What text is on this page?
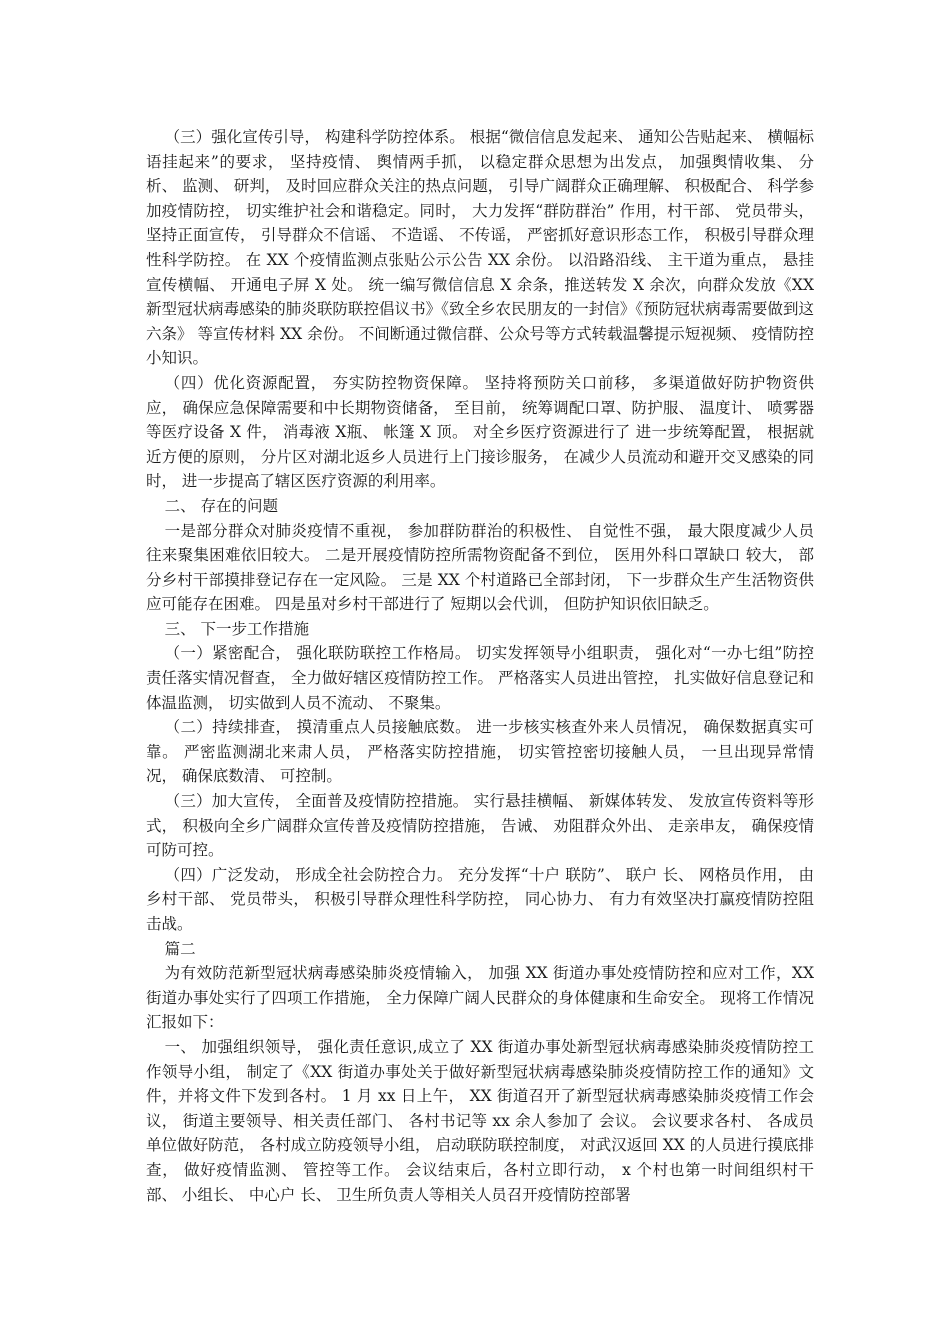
（三）强化宣传引导， 构建科学防控体系。 根据“微信信息发起来、 通知公告贴起来、 横幅标语挂起来”的要求， 坚持疫情、 舆情两手抓， 以稳定群众思想为出发点， 加强舆情收集、 分析、 监测、 研判， 及时回应群众关注的热点问题， 引导广阔群众正确理解、 积极配合、 科学参加疫情防控， 切实维护社会和谐稳定。同时， 大力发挥“群防群治” 作用，村干部、 党员带头， 坚持正面宣传， 引导群众不信谣、 不造谣、 不传谣， 严密抓好意识形态工作， 积极引导群众理性科学防控。 在 XX 个疫情监测点张贴公示公告 XX 余份。 以沿路沿线、 主干道为重点， 悬挂宣传横幅、 开通电子屏 X 处。 统一编写微信信息 X 余条，推送转发 X 余次，向群众发放《XX 新型冠状病毒感染的肺炎联防联控倡议书》《致全乡农民朋友的一封信》《预防冠状病毒需要做到这六条》 等宣传材料 XX 余份。 不间断通过微信群、公众号等方式转载温馨提示短视频、 疫情防控小知识。

（四）优化资源配置， 夯实防控物资保障。 坚持将预防关口前移， 多渠道做好防护物资供应， 确保应急保障需要和中长期物资储备， 至目前， 统筹调配口罩、防护服、 温度计、 喷雾器等医疗设备 X 件， 消毒液 X瓶、 帐篷 X 顶。 对全乡医疗资源进行了 进一步统筹配置， 根据就近方便的原则， 分片区对湖北返乡人员进行上门接诊服务， 在减少人员流动和避开交叉感染的同时， 进一步提高了辖区医疗资源的利用率。

二、 存在的问题

一是部分群众对肺炎疫情不重视， 参加群防群治的积极性、 自觉性不强， 最大限度减少人员往来聚集困难依旧较大。 二是开展疫情防控所需物资配备不到位， 医用外科口罩缺口 较大， 部分乡村干部摸排登记存在一定风险。 三是 XX 个村道路已全部封闭， 下一步群众生产生活物资供应可能存在困难。 四是虽对乡村干部进行了 短期以会代训， 但防护知识依旧缺乏。

三、 下一步工作措施

（一）紧密配合， 强化联防联控工作格局。 切实发挥领导小组职责， 强化对“一办七组”防控责任落实情况督查， 全力做好辖区疫情防控工作。 严格落实人员进出管控， 扎实做好信息登记和体温监测， 切实做到人员不流动、 不聚集。

（二）持续排查， 摸清重点人员接触底数。 进一步核实核查外来人员情况， 确保数据真实可靠。 严密监测湖北来肃人员， 严格落实防控措施， 切实管控密切接触人员， 一旦出现异常情况， 确保底数清、 可控制。

（三）加大宣传， 全面普及疫情防控措施。 实行悬挂横幅、 新媒体转发、 发放宣传资料等形式， 积极向全乡广阔群众宣传普及疫情防控措施， 告诫、 劝阻群众外出、 走亲串友， 确保疫情可防可控。

（四）广泛发动， 形成全社会防控合力。 充分发挥“十户 联防”、 联户 长、 网格员作用， 由乡村干部、 党员带头， 积极引导群众理性科学防控， 同心协力、 有力有效坚决打赢疫情防控阻击战。

篇二

为有效防范新型冠状病毒感染肺炎疫情输入， 加强 XX 街道办事处疫情防控和应对工作，XX 街道办事处实行了四项工作措施， 全力保障广阔人民群众的身体健康和生命安全。 现将工作情况汇报如下：

一、 加强组织领导， 强化责任意识,成立了 XX 街道办事处新型冠状病毒感染肺炎疫情防控工作领导小组， 制定了《XX 街道办事处关于做好新型冠状病毒感染肺炎疫情防控工作的通知》文件，并将文件下发到各村。 1 月 xx 日上午， XX 街道召开了新型冠状病毒感染肺炎疫情工作会议， 街道主要领导、相关责任部门、 各村书记等 xx 余人参加了 会议。 会议要求各村、 各成员单位做好防范， 各村成立防疫领导小组， 启动联防联控制度， 对武汉返回 XX 的人员进行摸底排查， 做好疫情监测、 管控等工作。 会议结束后，各村立即行动， x 个村也第一时间组织村干部、 小组长、 中心户 长、 卫生所负责人等相关人员召开疫情防控部署
